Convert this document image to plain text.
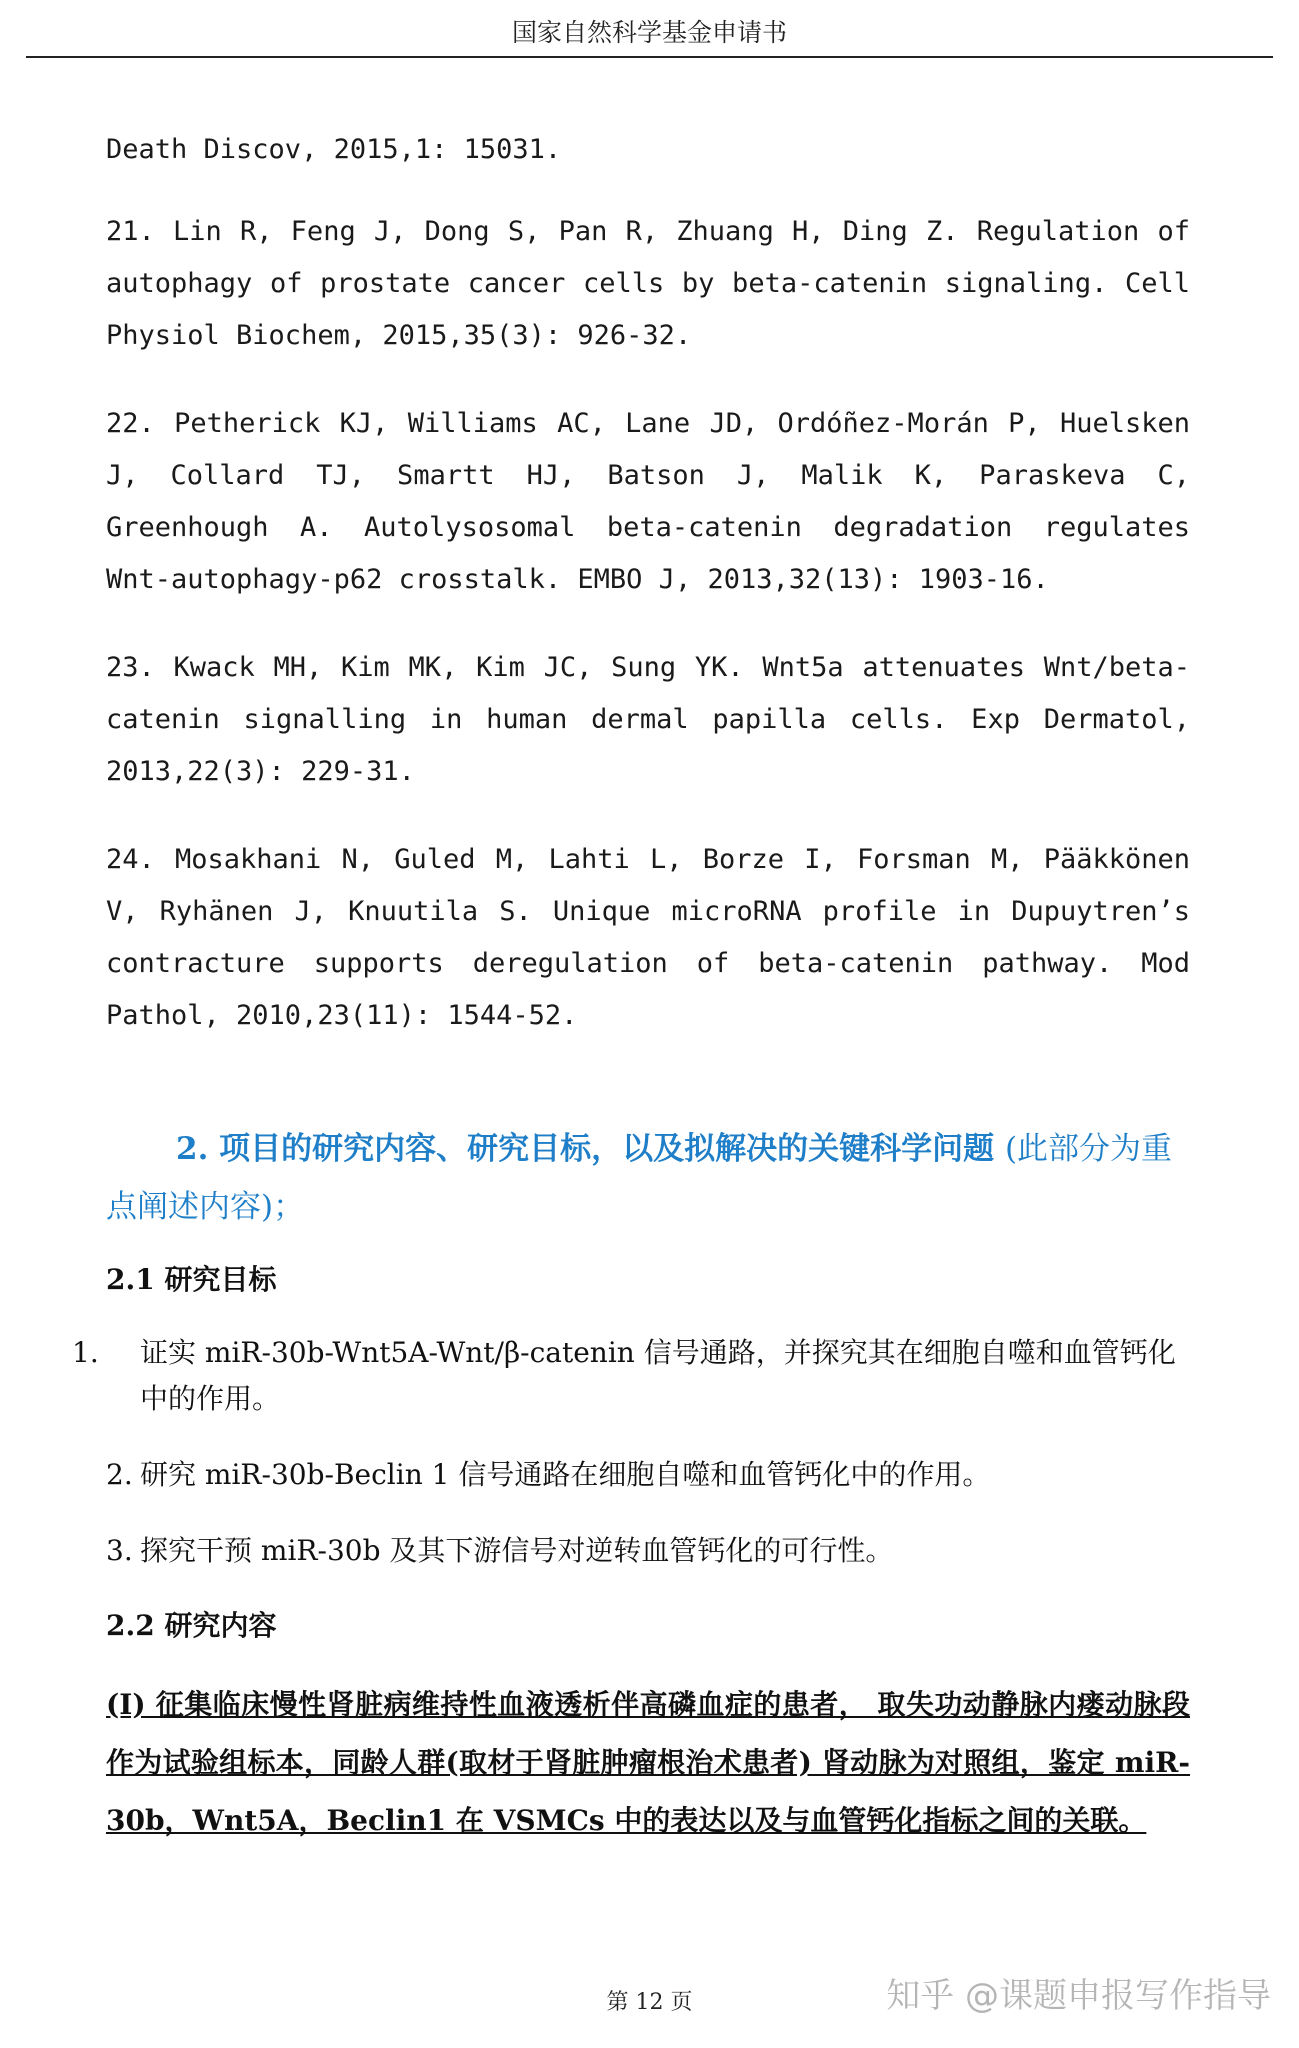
国家自然科学基金申请书

Death Discov, 2015,1: 15031.

21. Lin R, Feng J, Dong S, Pan R, Zhuang H, Ding Z. Regulation of autophagy of prostate cancer cells by beta-catenin signaling. Cell Physiol Biochem, 2015,35(3): 926-32.

22. Petherick KJ, Williams AC, Lane JD, Ordóñez-Morán P, Huelsken J, Collard TJ, Smartt HJ, Batson J, Malik K, Paraskeva C, Greenhough A. Autolysosomal beta-catenin degradation regulates Wnt-autophagy-p62 crosstalk. EMBO J, 2013,32(13): 1903-16.

23. Kwack MH, Kim MK, Kim JC, Sung YK. Wnt5a attenuates Wnt/beta-catenin signalling in human dermal papilla cells. Exp Dermatol, 2013,22(3): 229-31.

24. Mosakhani N, Guled M, Lahti L, Borze I, Forsman M, Pääkkönen V, Ryhänen J, Knuutila S. Unique microRNA profile in Dupuytren’s contracture supports deregulation of beta-catenin pathway. Mod Pathol, 2010,23(11): 1544-52.

2. 项目的研究内容、研究目标，以及拟解决的关键科学问题 (此部分为重点阐述内容)；
2.1 研究目标
1. 证实 miR-30b-Wnt5A-Wnt/β-catenin 信号通路，并探究其在细胞自噬和血管钙化中的作用。
2. 研究 miR-30b-Beclin 1 信号通路在细胞自噬和血管钙化中的作用。
3. 探究干预 miR-30b 及其下游信号对逆转血管钙化的可行性。
2.2 研究内容
(I) 征集临床慢性肾脏病维持性血液透析伴高磷血症的患者， 取失功动静脉内瘘动脉段作为试验组标本，同龄人群(取材于肾脏肿瘤根治术患者) 肾动脉为对照组，鉴定 miR-30b，Wnt5A，Beclin1 在 VSMCs 中的表达以及与血管钙化指标之间的关联。
第 12 页	知乎 @课题申报写作指导
